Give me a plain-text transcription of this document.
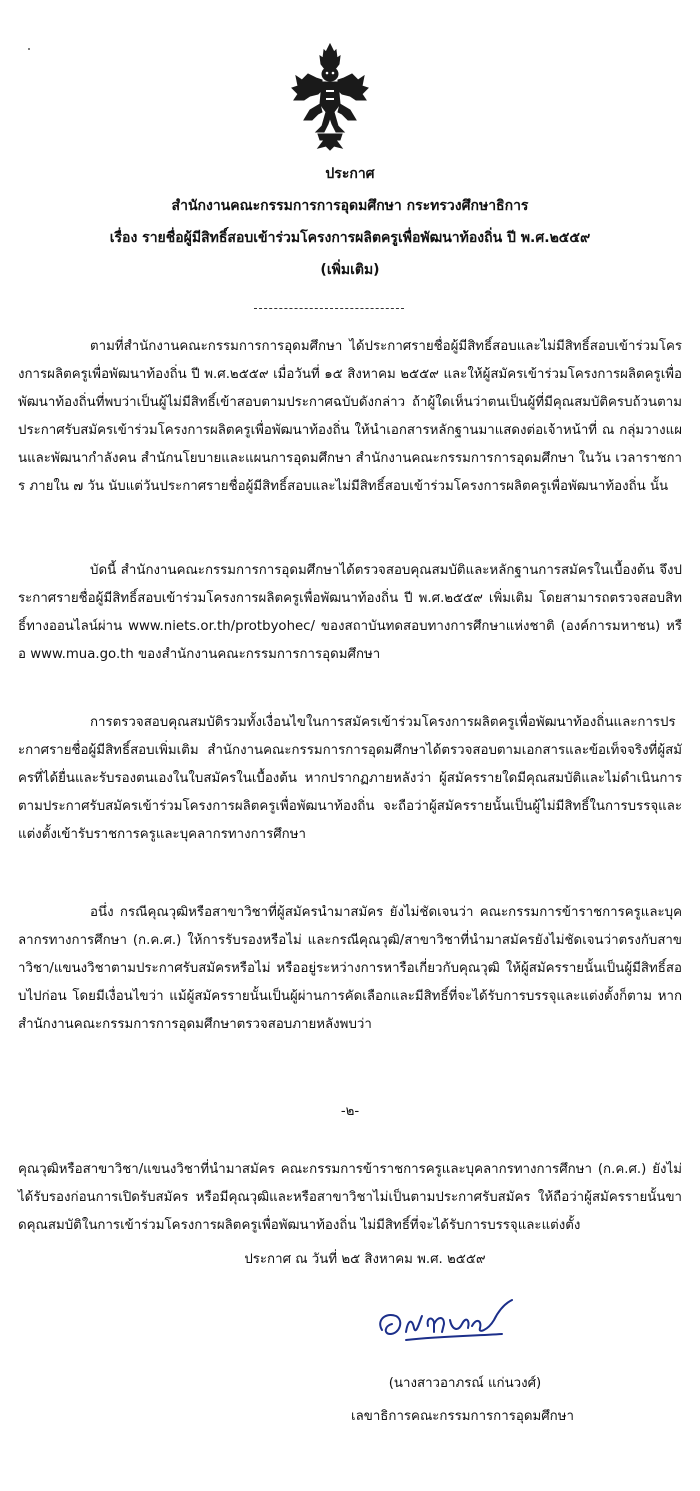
ประกาศ

สำนักงานคณะกรรมการการอุดมศึกษา กระทรวงศึกษาธิการ

เรื่อง รายชื่อผู้มีสิทธิ์สอบเข้าร่วมโครงการผลิตครูเพื่อพัฒนาท้องถิ่น ปี พ.ศ.๒๕๕๙

(เพิ่มเติม)

ตามที่สำนักงานคณะกรรมการการอุดมศึกษา ได้ประกาศรายชื่อผู้มีสิทธิ์สอบและไม่มีสิทธิ์สอบเข้าร่วมโครงการผลิตครูเพื่อพัฒนาท้องถิ่น ปี พ.ศ.๒๕๕๙ เมื่อวันที่ ๑๕ สิงหาคม ๒๕๕๙ และให้ผู้สมัครเข้าร่วมโครงการผลิตครูเพื่อพัฒนาท้องถิ่นที่พบว่าเป็นผู้ไม่มีสิทธิ์เข้าสอบตามประกาศฉบับดังกล่าว ถ้าผู้ใดเห็นว่าตนเป็นผู้ที่มีคุณสมบัติครบถ้วนตามประกาศรับสมัครเข้าร่วมโครงการผลิตครูเพื่อพัฒนาท้องถิ่น ให้นำเอกสารหลักฐานมาแสดงต่อเจ้าหน้าที่ ณ กลุ่มวางแผนและพัฒนากำลังคน สำนักนโยบายและแผนการอุดมศึกษา สำนักงานคณะกรรมการการอุดมศึกษา ในวัน เวลาราชการ ภายใน ๗ วัน นับแต่วันประกาศรายชื่อผู้มีสิทธิ์สอบและไม่มีสิทธิ์สอบเข้าร่วมโครงการผลิตครูเพื่อพัฒนาท้องถิ่น นั้น

บัดนี้ สำนักงานคณะกรรมการการอุดมศึกษาได้ตรวจสอบคุณสมบัติและหลักฐานการสมัครในเบื้องต้น จึงประกาศรายชื่อผู้มีสิทธิ์สอบเข้าร่วมโครงการผลิตครูเพื่อพัฒนาท้องถิ่น ปี พ.ศ.๒๕๕๙ เพิ่มเติม โดยสามารถตรวจสอบสิทธิ์ทางออนไลน์ผ่าน www.niets.or.th/protbyohec/ ของสถาบันทดสอบทางการศึกษาแห่งชาติ (องค์การมหาชน) หรือ www.mua.go.th ของสำนักงานคณะกรรมการการอุดมศึกษา

การตรวจสอบคุณสมบัติรวมทั้งเงื่อนไขในการสมัครเข้าร่วมโครงการผลิตครูเพื่อพัฒนาท้องถิ่นและการประกาศรายชื่อผู้มีสิทธิ์สอบเพิ่มเติม สำนักงานคณะกรรมการการอุดมศึกษาได้ตรวจสอบตามเอกสารและข้อเท็จจริงที่ผู้สมัครที่ได้ยื่นและรับรองตนเองในใบสมัครในเบื้องต้น หากปรากฏภายหลังว่า ผู้สมัครรายใดมีคุณสมบัติและไม่ดำเนินการตามประกาศรับสมัครเข้าร่วมโครงการผลิตครูเพื่อพัฒนาท้องถิ่น จะถือว่าผู้สมัครรายนั้นเป็นผู้ไม่มีสิทธิ์ในการบรรจุและแต่งตั้งเข้ารับราชการครูและบุคลากรทางการศึกษา

อนึ่ง กรณีคุณวุฒิหรือสาขาวิชาที่ผู้สมัครนำมาสมัคร ยังไม่ชัดเจนว่า คณะกรรมการข้าราชการครูและบุคลากรทางการศึกษา (ก.ค.ศ.) ให้การรับรองหรือไม่ และกรณีคุณวุฒิ/สาขาวิชาที่นำมาสมัครยังไม่ชัดเจนว่าตรงกับสาขาวิชา/แขนงวิชาตามประกาศรับสมัครหรือไม่ หรืออยู่ระหว่างการหารือเกี่ยวกับคุณวุฒิ ให้ผู้สมัครรายนั้นเป็นผู้มีสิทธิ์สอบไปก่อน โดยมีเงื่อนไขว่า แม้ผู้สมัครรายนั้นเป็นผู้ผ่านการคัดเลือกและมีสิทธิ์ที่จะได้รับการบรรจุและแต่งตั้งก็ตาม หากสำนักงานคณะกรรมการการอุดมศึกษาตรวจสอบภายหลังพบว่า

-๒-

คุณวุฒิหรือสาขาวิชา/แขนงวิชาที่นำมาสมัคร คณะกรรมการข้าราชการครูและบุคลากรทางการศึกษา (ก.ค.ศ.) ยังไม่ได้รับรองก่อนการเปิดรับสมัคร หรือมีคุณวุฒิและหรือสาขาวิชาไม่เป็นตามประกาศรับสมัคร ให้ถือว่าผู้สมัครรายนั้นขาดคุณสมบัติในการเข้าร่วมโครงการผลิตครูเพื่อพัฒนาท้องถิ่น ไม่มีสิทธิ์ที่จะได้รับการบรรจุและแต่งตั้ง

ประกาศ ณ วันที่ ๒๕ สิงหาคม พ.ศ. ๒๕๕๙
(นางสาวอาภรณ์ แก่นวงศ์)
เลขาธิการคณะกรรมการการอุดมศึกษา
